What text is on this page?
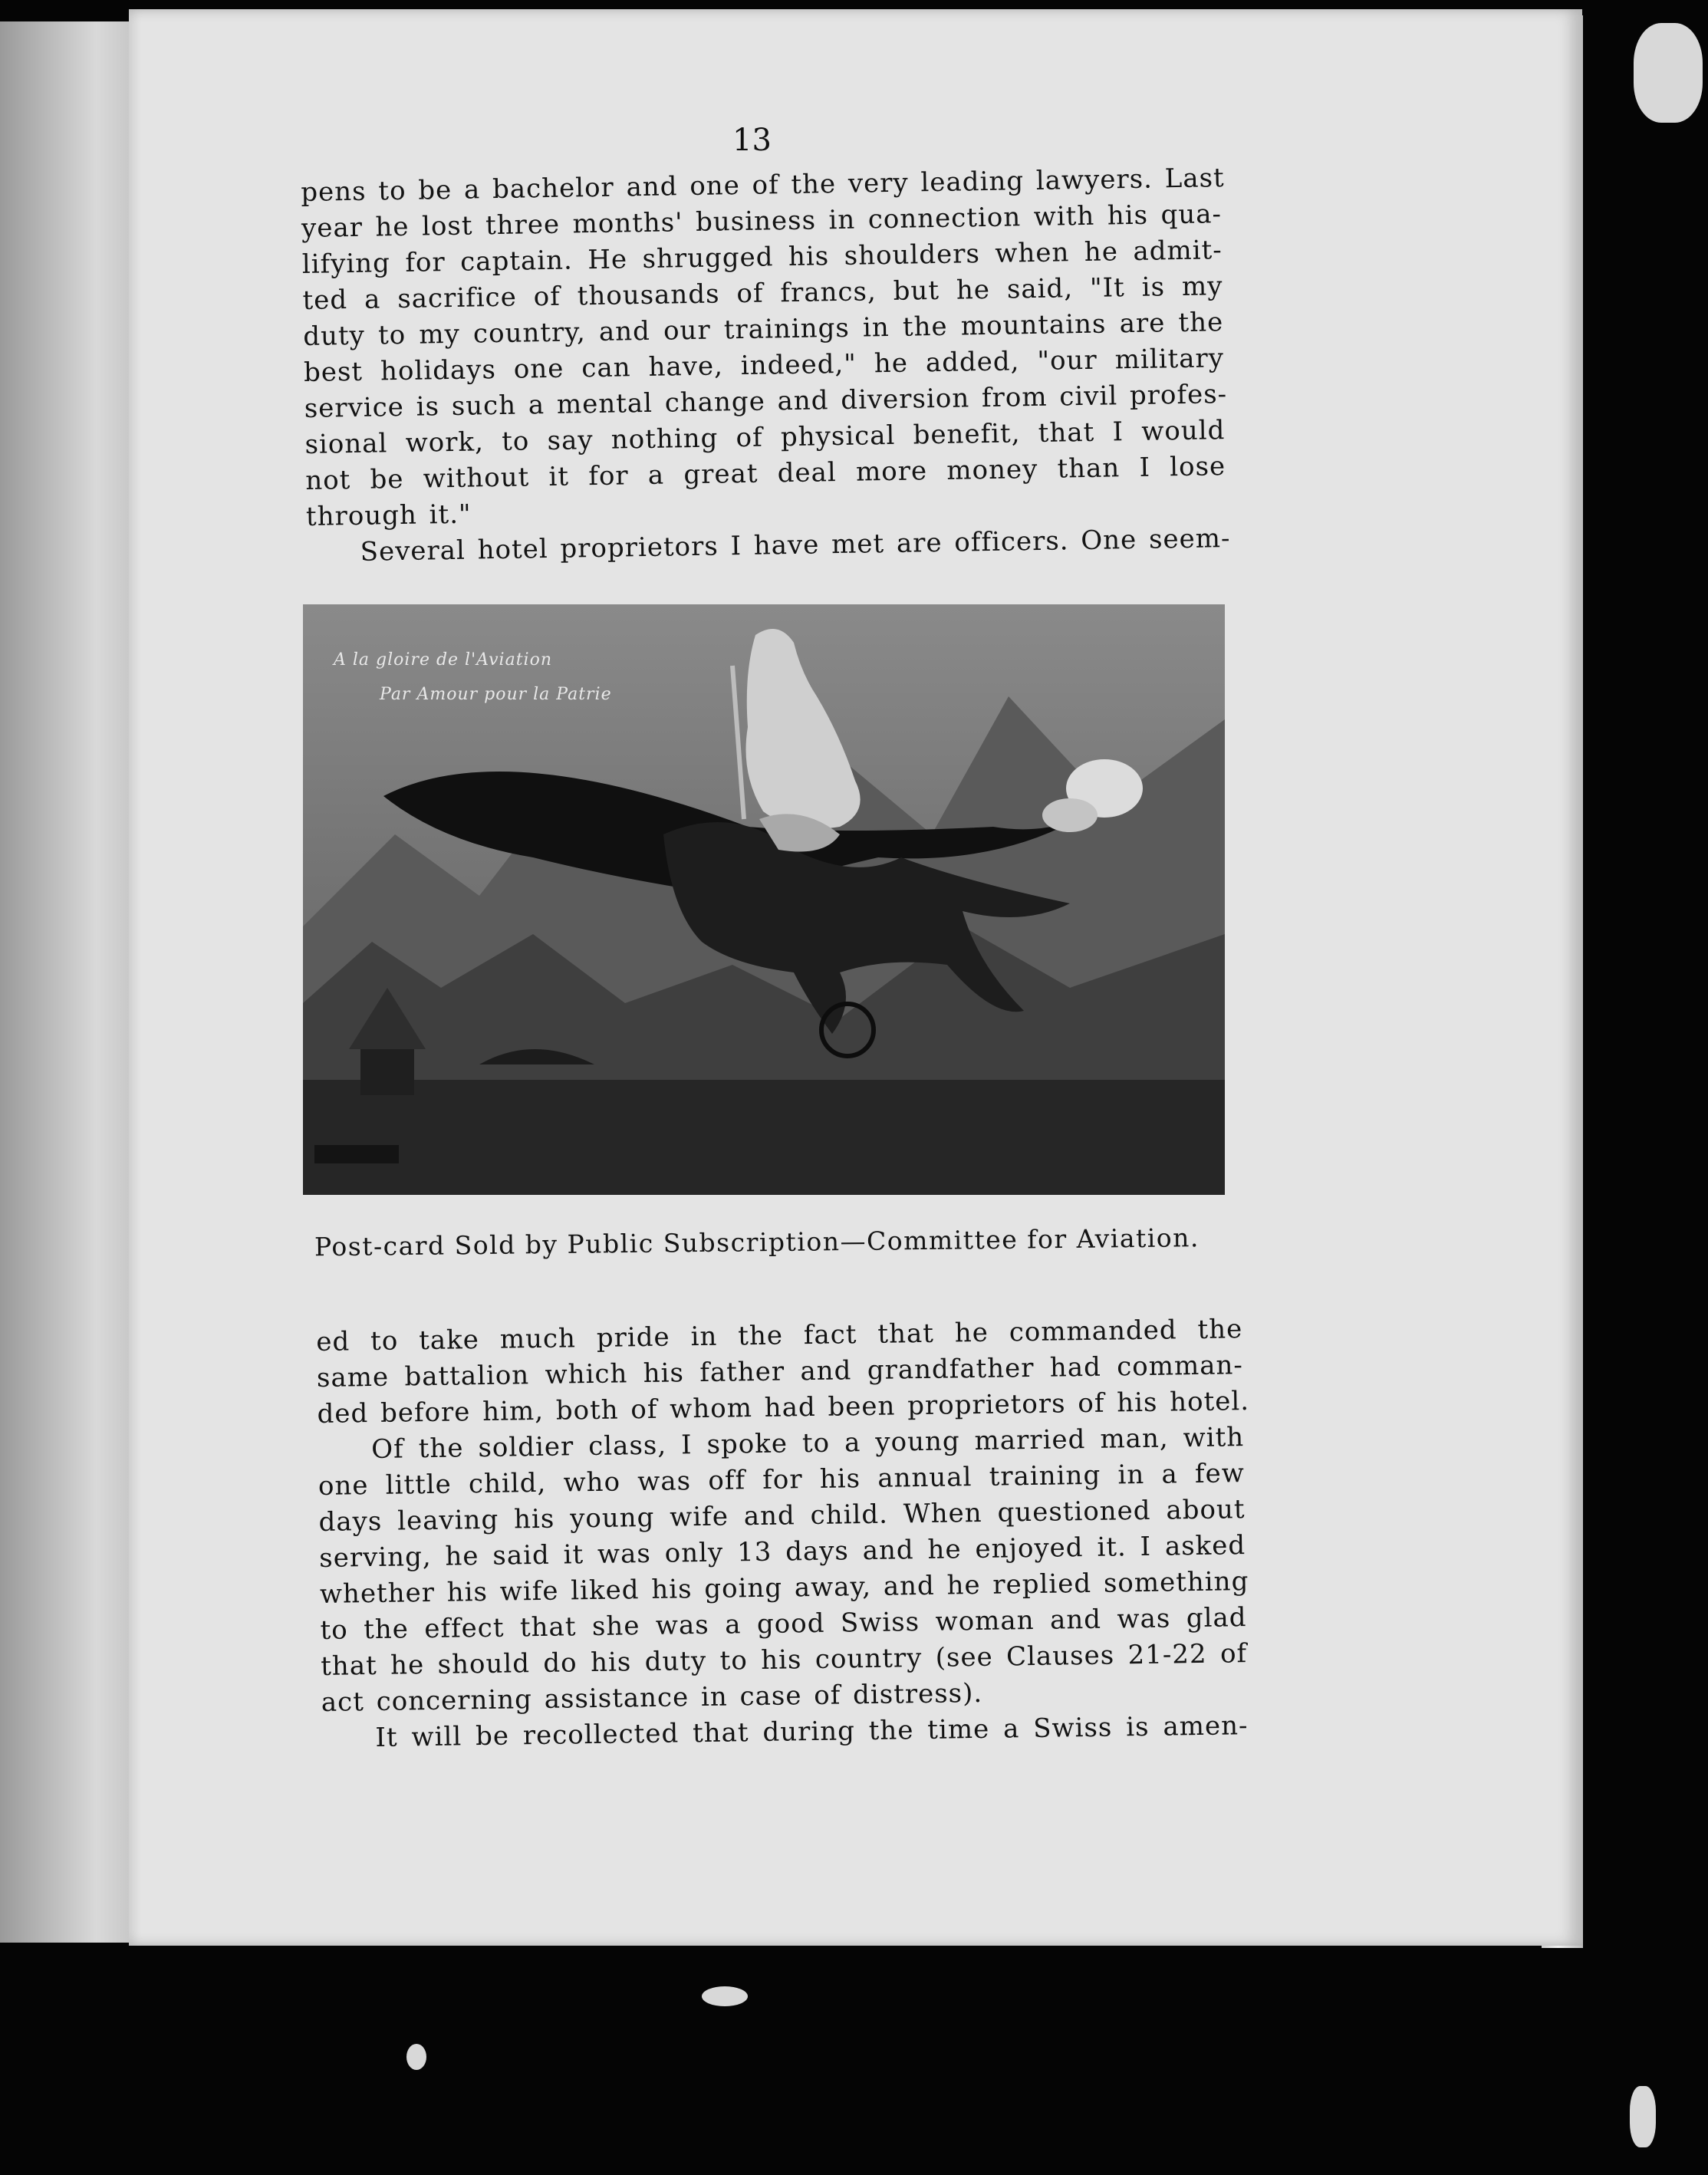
13
pens to be a bachelor and one of the very leading lawyers. Last
year he lost three months' business in connection with his qua-
lifying for captain. He shrugged his shoulders when he admit-
ted a sacrifice of thousands of francs, but he said, "It is my
duty to my country, and our trainings in the mountains are the
best holidays one can have, indeed," he added, "our military
service is such a mental change and diversion from civil profes-
sional work, to say nothing of physical benefit, that I would
not be without it for a great deal more money than I lose
through it."
Several hotel proprietors I have met are officers. One seem-
A la gloire de l'Aviation
Par Amour pour la Patrie
Post-card Sold by Public Subscription—Committee for Aviation.
ed to take much pride in the fact that he commanded the
same battalion which his father and grandfather had comman-
ded before him, both of whom had been proprietors of his hotel.
Of the soldier class, I spoke to a young married man, with
one little child, who was off for his annual training in a few
days leaving his young wife and child. When questioned about
serving, he said it was only 13 days and he enjoyed it. I asked
whether his wife liked his going away, and he replied something
to the effect that she was a good Swiss woman and was glad
that he should do his duty to his country (see Clauses 21-22 of
act concerning assistance in case of distress).
It will be recollected that during the time a Swiss is amen-
